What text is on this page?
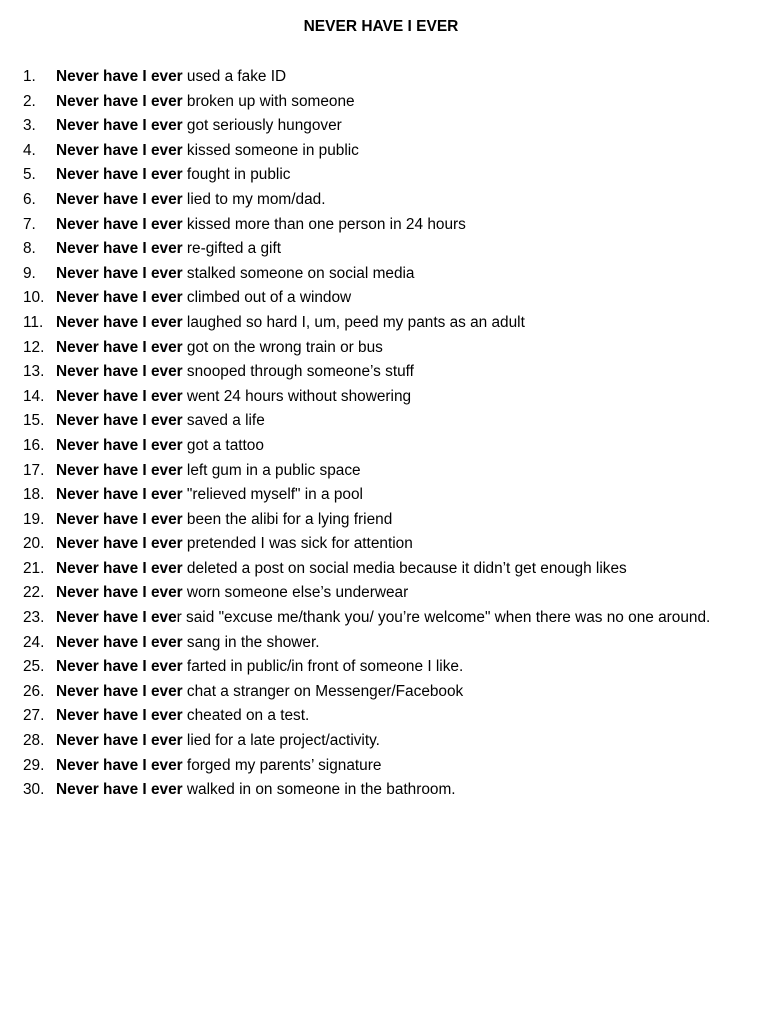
NEVER HAVE I EVER
1. Never have I ever used a fake ID
2. Never have I ever broken up with someone
3. Never have I ever got seriously hungover
4. Never have I ever kissed someone in public
5. Never have I ever fought in public
6. Never have I ever lied to my mom/dad.
7. Never have I ever kissed more than one person in 24 hours
8. Never have I ever re-gifted a gift
9. Never have I ever stalked someone on social media
10. Never have I ever climbed out of a window
11. Never have I ever laughed so hard I, um, peed my pants as an adult
12. Never have I ever got on the wrong train or bus
13. Never have I ever snooped through someone’s stuff
14. Never have I ever went 24 hours without showering
15. Never have I ever saved a life
16. Never have I ever got a tattoo
17. Never have I ever left gum in a public space
18. Never have I ever "relieved myself" in a pool
19. Never have I ever been the alibi for a lying friend
20. Never have I ever pretended I was sick for attention
21. Never have I ever deleted a post on social media because it didn’t get enough likes
22. Never have I ever worn someone else’s underwear
23. Never have I ever said "excuse me/thank you/ you’re welcome" when there was no one around.
24. Never have I ever sang in the shower.
25. Never have I ever farted in public/in front of someone I like.
26. Never have I ever chat a stranger on Messenger/Facebook
27. Never have I ever cheated on a test.
28. Never have I ever lied for a late project/activity.
29. Never have I ever forged my parents’ signature
30. Never have I ever walked in on someone in the bathroom.
